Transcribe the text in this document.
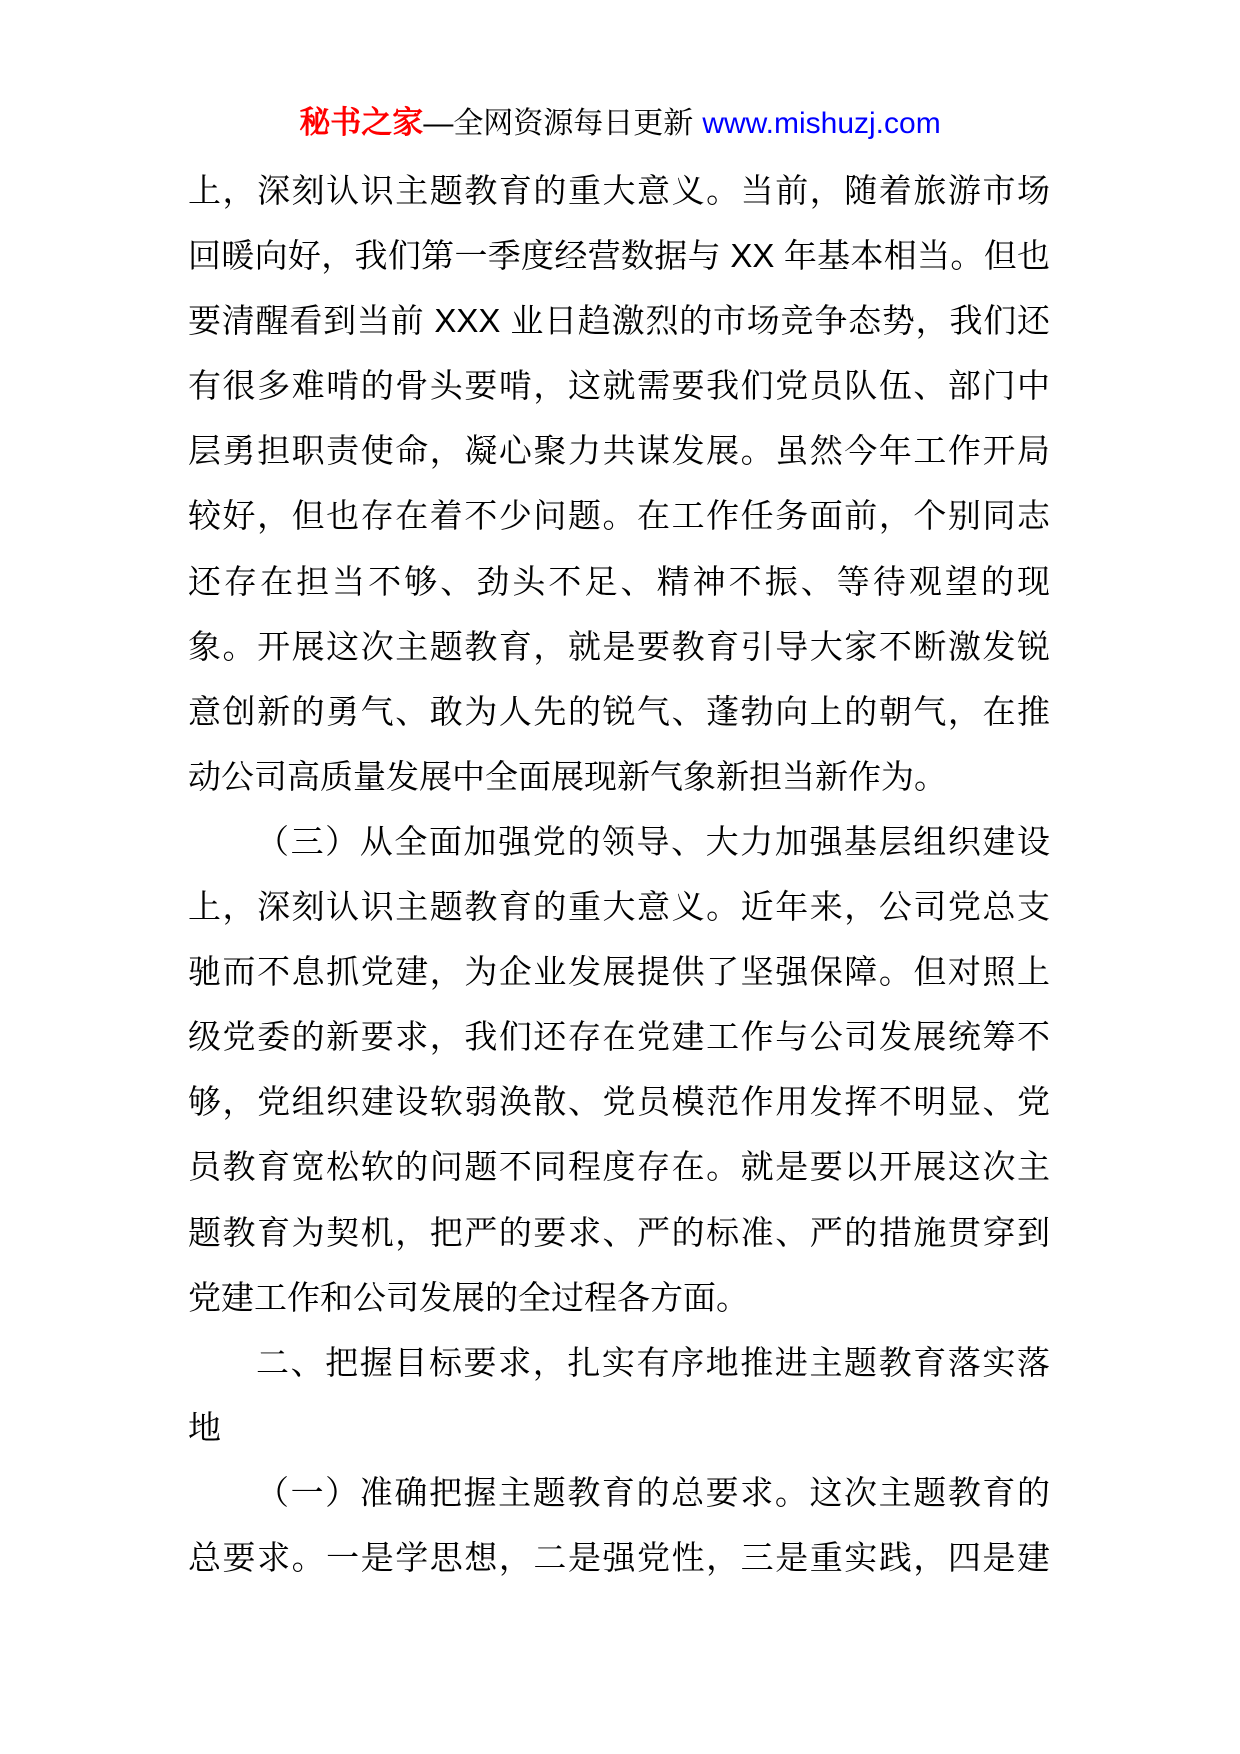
秘书之家—全网资源每日更新 www.mishuzj.com
上，深刻认识主题教育的重大意义。当前，随着旅游市场
回暖向好，我们第一季度经营数据与 XX 年基本相当。但也
要清醒看到当前 XXX 业日趋激烈的市场竞争态势，我们还
有很多难啃的骨头要啃，这就需要我们党员队伍、部门中
层勇担职责使命，凝心聚力共谋发展。虽然今年工作开局
较好，但也存在着不少问题。在工作任务面前，个别同志
还存在担当不够、劲头不足、精神不振、等待观望的现
象。开展这次主题教育，就是要教育引导大家不断激发锐
意创新的勇气、敢为人先的锐气、蓬勃向上的朝气，在推
动公司高质量发展中全面展现新气象新担当新作为。
（三）从全面加强党的领导、大力加强基层组织建设
上，深刻认识主题教育的重大意义。近年来，公司党总支
驰而不息抓党建，为企业发展提供了坚强保障。但对照上
级党委的新要求，我们还存在党建工作与公司发展统筹不
够，党组织建设软弱涣散、党员模范作用发挥不明显、党
员教育宽松软的问题不同程度存在。就是要以开展这次主
题教育为契机，把严的要求、严的标准、严的措施贯穿到
党建工作和公司发展的全过程各方面。
二、把握目标要求，扎实有序地推进主题教育落实落
地
（一）准确把握主题教育的总要求。这次主题教育的
总要求。一是学思想，二是强党性，三是重实践，四是建
